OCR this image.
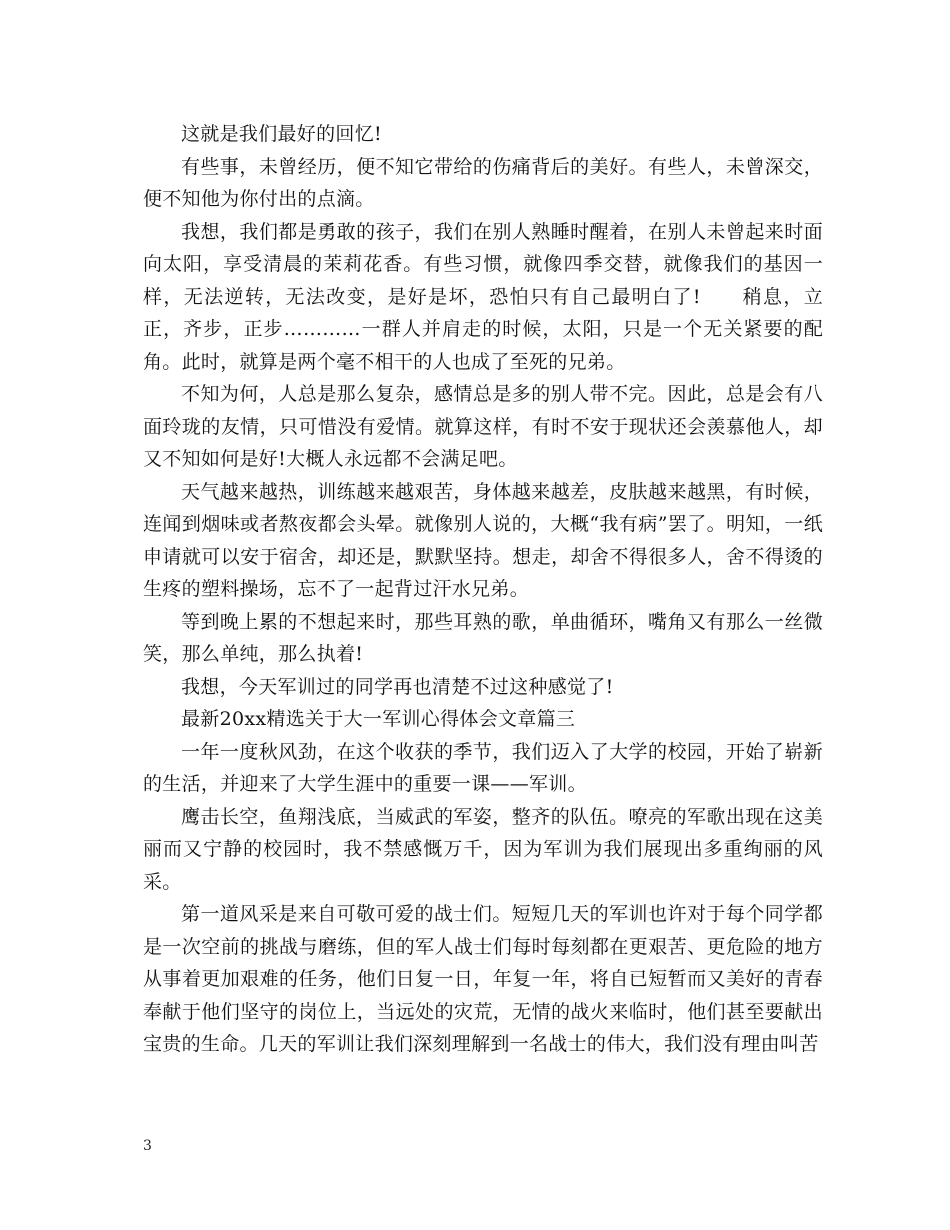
这就是我们最好的回忆!

有些事，未曾经历，便不知它带给的伤痛背后的美好。有些人，未曾深交，便不知他为你付出的点滴。

我想，我们都是勇敢的孩子，我们在别人熟睡时醒着，在别人未曾起来时面向太阳，享受清晨的茉莉花香。有些习惯，就像四季交替，就像我们的基因一样，无法逆转，无法改变，是好是坏，恐怕只有自己最明白了!　　稍息，立正，齐步，正步…………一群人并肩走的时候，太阳，只是一个无关紧要的配角。此时，就算是两个毫不相干的人也成了至死的兄弟。

不知为何，人总是那么复杂，感情总是多的别人带不完。因此，总是会有八面玲珑的友情，只可惜没有爱情。就算这样，有时不安于现状还会羡慕他人，却又不知如何是好!大概人永远都不会满足吧。

天气越来越热，训练越来越艰苦，身体越来越差，皮肤越来越黑，有时候，连闻到烟味或者熬夜都会头晕。就像别人说的，大概“我有病”罢了。明知，一纸申请就可以安于宿舍，却还是，默默坚持。想走，却舍不得很多人，舍不得烫的生疼的塑料操场，忘不了一起背过汗水兄弟。

等到晚上累的不想起来时，那些耳熟的歌，单曲循环，嘴角又有那么一丝微笑，那么单纯，那么执着!

我想，今天军训过的同学再也清楚不过这种感觉了!

最新20xx精选关于大一军训心得体会文章篇三

一年一度秋风劲，在这个收获的季节，我们迈入了大学的校园，开始了崭新的生活，并迎来了大学生涯中的重要一课——军训。

鹰击长空，鱼翔浅底，当威武的军姿，整齐的队伍。嘹亮的军歌出现在这美丽而又宁静的校园时，我不禁感慨万千，因为军训为我们展现出多重绚丽的风采。

第一道风采是来自可敬可爱的战士们。短短几天的军训也许对于每个同学都是一次空前的挑战与磨练，但的军人战士们每时每刻都在更艰苦、更危险的地方从事着更加艰难的任务，他们日复一日，年复一年，将自已短暂而又美好的青春奉献于他们坚守的岗位上，当远处的灾荒，无情的战火来临时，他们甚至要献出宝贵的生命。几天的军训让我们深刻理解到一名战士的伟大，我们没有理由叫苦

3
